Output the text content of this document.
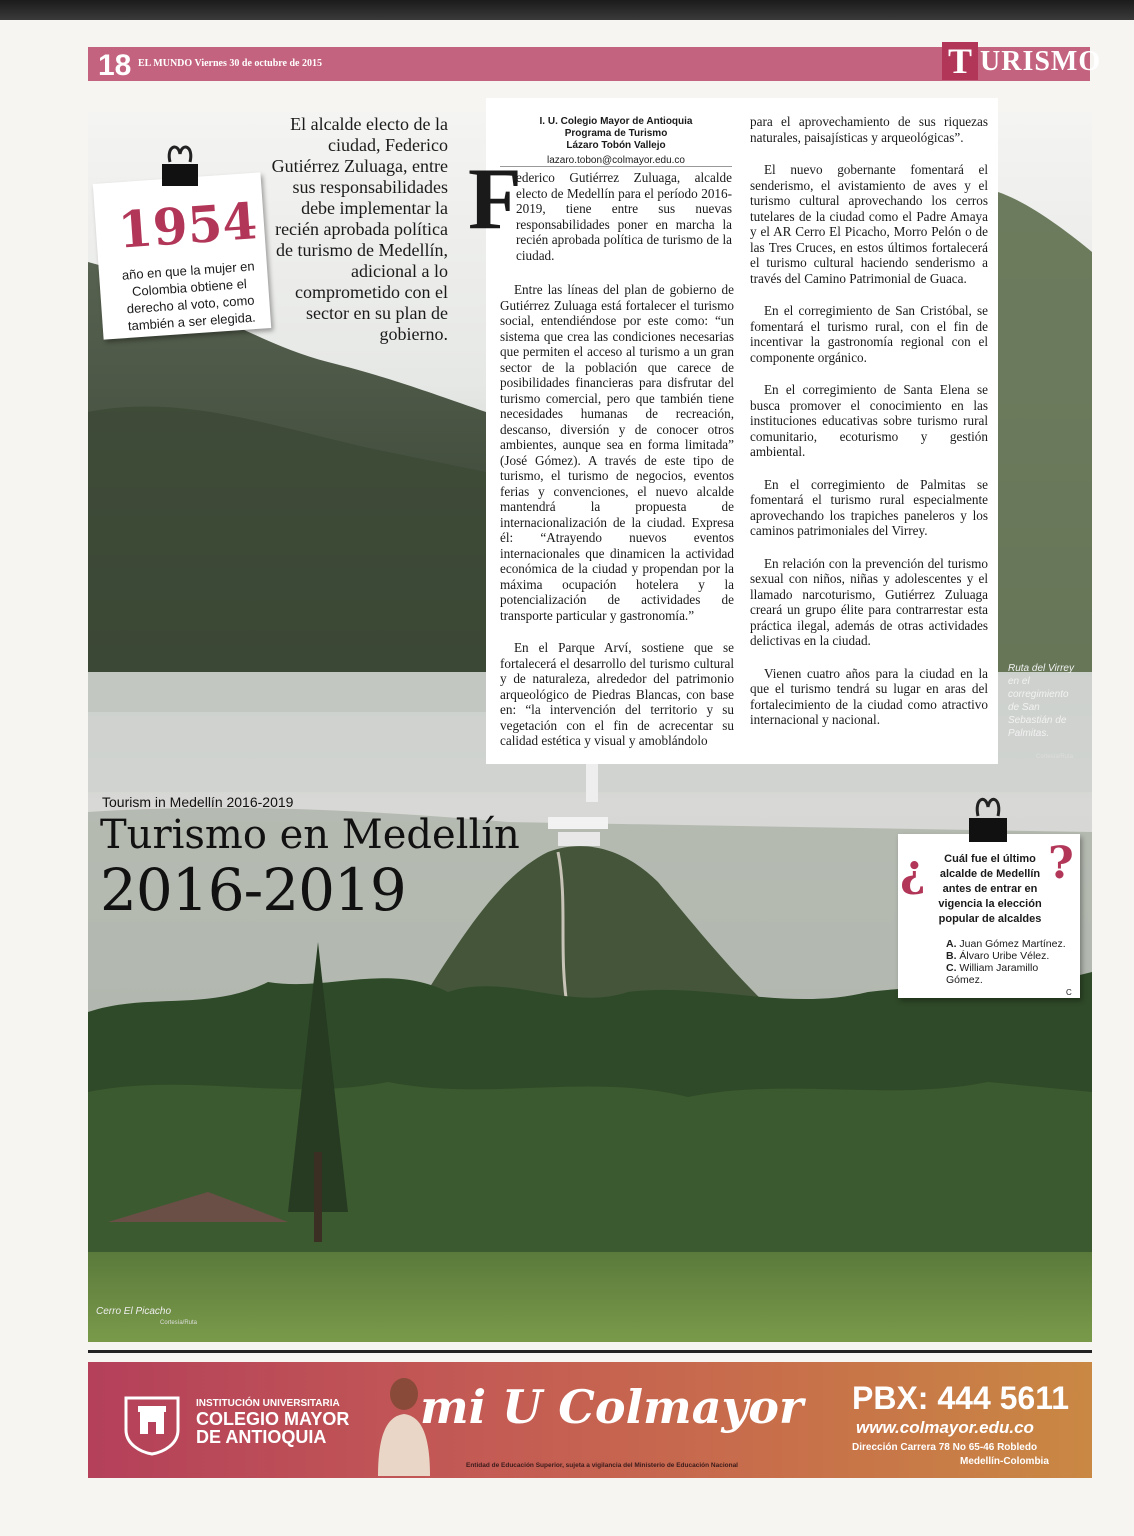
18 EL MUNDO Viernes 30 de octubre de 2015	T URISMO
1954
año en que la mujer en Colombia obtiene el derecho al voto, como también a ser elegida.
El alcalde electo de la ciudad, Federico Gutiérrez Zuluaga, entre sus responsabilidades debe implementar la recién aprobada política de turismo de Medellín, adicional a lo comprometido con el sector en su plan de gobierno.
I. U. Colegio Mayor de Antioquia
Programa de Turismo
Lázaro Tobón Vallejo
lazaro.tobon@colmayor.edu.co
F

ederico Gutiérrez Zuluaga, alcalde electo de Medellín para el período 2016-2019, tiene entre sus nuevas responsabilidades poner en marcha la recién aprobada política de turismo de la ciudad.

Entre las líneas del plan de gobierno de Gutiérrez Zuluaga está fortalecer el turismo social, entendiéndose por este como: “un sistema que crea las condiciones necesarias que permiten el acceso al turismo a un gran sector de la población que carece de posibilidades financieras para disfrutar del turismo comercial, pero que también tiene necesidades humanas de recreación, descanso, diversión y de conocer otros ambientes, aunque sea en forma limitada” (José Gómez). A través de este tipo de turismo, el turismo de negocios, eventos ferias y convenciones, el nuevo alcalde mantendrá la propuesta de internacionalización de la ciudad. Expresa él: “Atrayendo nuevos eventos internacionales que dinamicen la actividad económica de la ciudad y propendan por la máxima ocupación hotelera y la potencialización de actividades de transporte particular y gastronomía.”

En el Parque Arví, sostiene que se fortalecerá el desarrollo del turismo cultural y de naturaleza, alrededor del patrimonio arqueológico de Piedras Blancas, con base en: “la intervención del territorio y su vegetación con el fin de acrecentar su calidad estética y visual y amoblándolo

para el aprovechamiento de sus riquezas naturales, paisajísticas y arqueológicas”.

El nuevo gobernante fomentará el senderismo, el avistamiento de aves y el turismo cultural aprovechando los cerros tutelares de la ciudad como el Padre Amaya y el AR Cerro El Picacho, Morro Pelón o de las Tres Cruces, en estos últimos fortalecerá el turismo cultural haciendo senderismo a través del Camino Patrimonial de Guaca.

En el corregimiento de San Cristóbal, se fomentará el turismo rural, con el fin de incentivar la gastronomía regional con el componente orgánico.

En el corregimiento de Santa Elena se busca promover el conocimiento en las instituciones educativas sobre turismo rural comunitario, ecoturismo y gestión ambiental.

En el corregimiento de Palmitas se fomentará el turismo rural especialmente aprovechando los trapiches paneleros y los caminos patrimoniales del Virrey.

En relación con la prevención del turismo sexual con niños, niñas y adolescentes y el llamado narcoturismo, Gutiérrez Zuluaga creará un grupo élite para contrarrestar esta práctica ilegal, además de otras actividades delictivas en la ciudad.

Vienen cuatro años para la ciudad en la que el turismo tendrá su lugar en aras del fortalecimiento de la ciudad como atractivo internacional y nacional.

Ruta del Virrey en el corregimiento de San Sebastián de Palmitas.
Cortesía/Ruta
Tourism in Medellín 2016-2019
Turismo en Medellín
2016-2019	¿	?
Cuál fue el último alcalde de Medellín antes de entrar en vigencia la elección popular de alcaldes
A. Juan Gómez Martínez.
B. Álvaro Uribe Vélez.
C. William Jaramillo Gómez.
C
Cerro El Picacho
Cortesía/Ruta
INSTITUCIÓN UNIVERSITARIA
COLEGIO MAYOR
DE ANTIOQUIA
mi U Colmayor
Entidad de Educación Superior, sujeta a vigilancia del Ministerio de Educación Nacional
PBX: 444 5611
www.colmayor.edu.co
Dirección Carrera 78 No 65-46 Robledo
Medellín-Colombia
